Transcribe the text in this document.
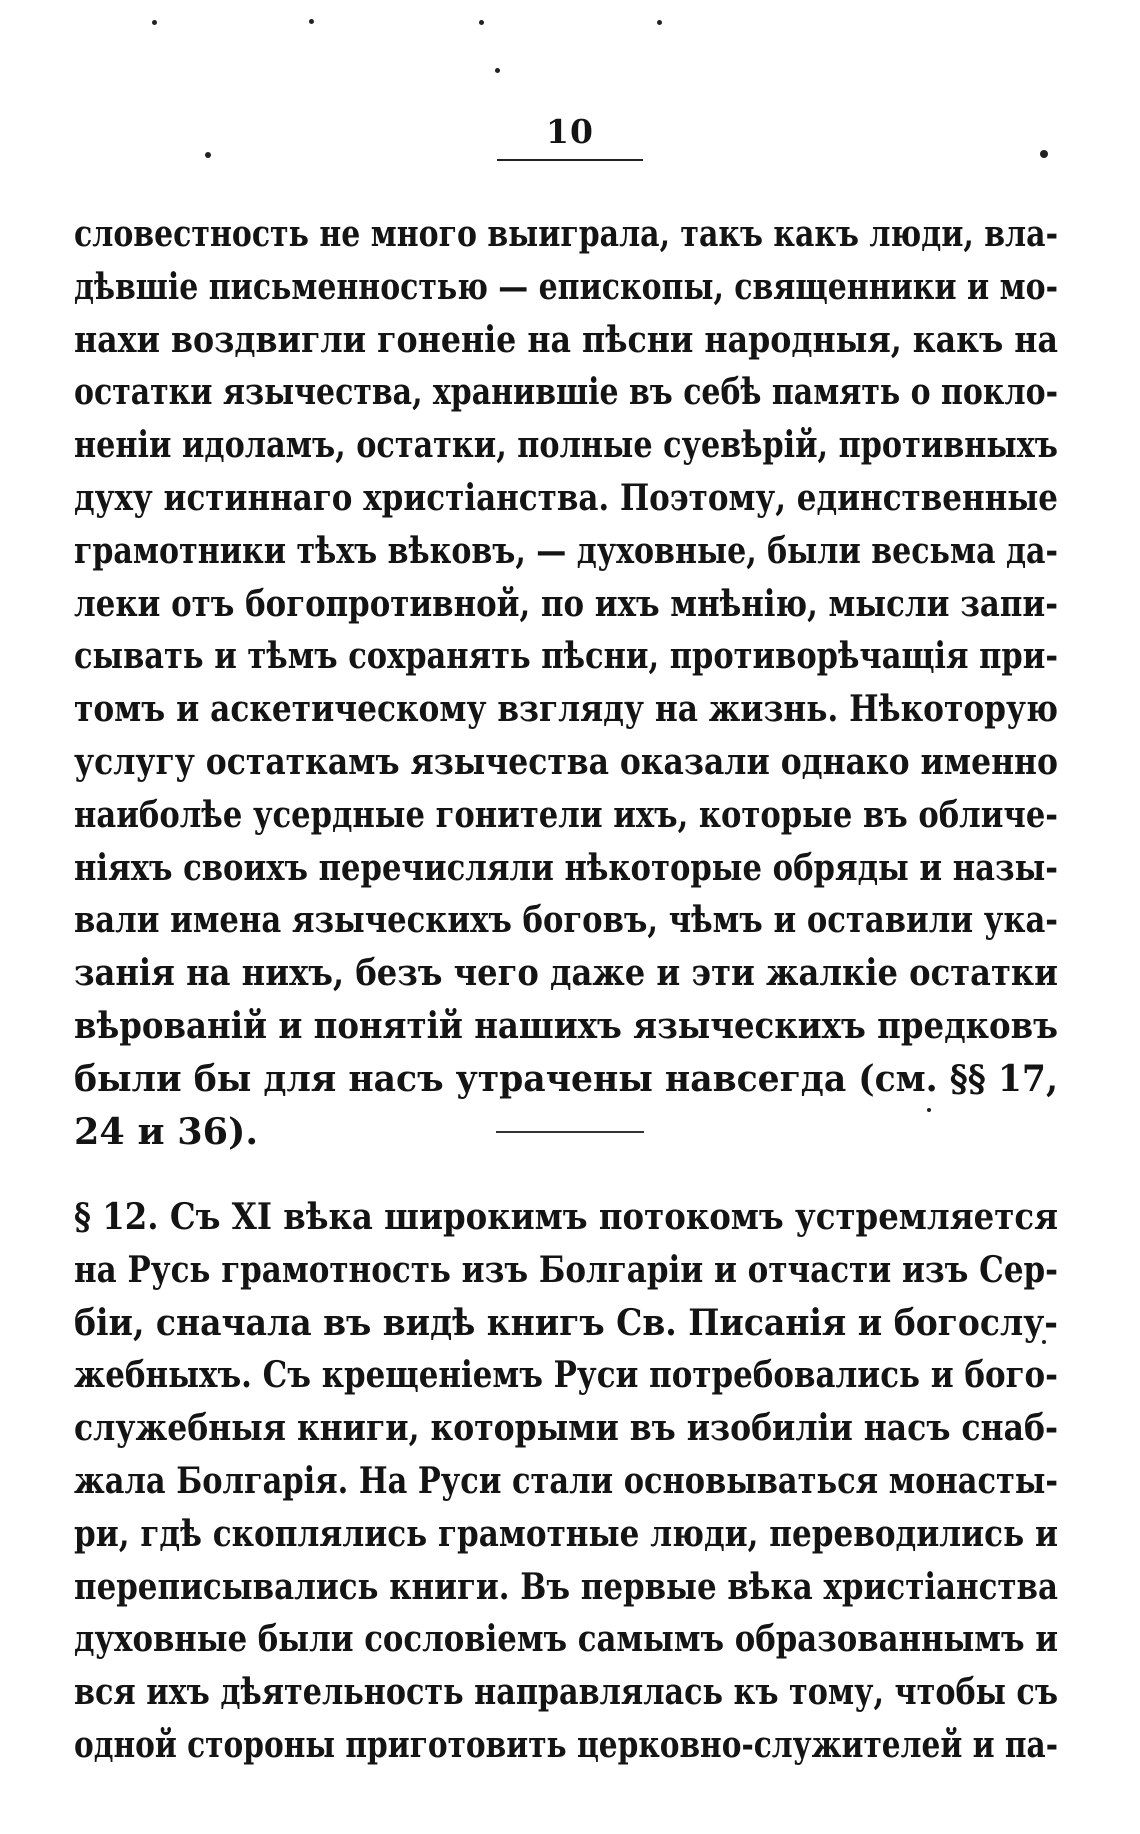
10
словестность не много выиграла, такъ какъ люди, вла-
дѣвшіе письменностью — епископы, священники и мо-
нахи воздвигли гоненіе на пѣсни народныя, какъ на
остатки язычества, хранившіе въ себѣ память о покло-
неніи идоламъ, остатки, полные суевѣрій, противныхъ
духу истиннаго христіанства. Поэтому, единственные
грамотники тѣхъ вѣковъ, — духовные, были весьма да-
леки отъ богопротивной, по ихъ мнѣнію, мысли запи-
сывать и тѣмъ сохранять пѣсни, противорѣчащія при-
томъ и аскетическому взгляду на жизнь. Нѣкоторую
услугу остаткамъ язычества оказали однако именно
наиболѣе усердные гонители ихъ, которые въ обличе-
ніяхъ своихъ перечисляли нѣкоторые обряды и назы-
вали имена языческихъ боговъ, чѣмъ и оставили ука-
занія на нихъ, безъ чего даже и эти жалкіе остатки
вѣрованій и понятій нашихъ языческихъ предковъ
были бы для насъ утрачены навсегда (см. §§ 17,
24 и 36).
§ 12. Съ XI вѣка широкимъ потокомъ устремляется
на Русь грамотность изъ Болгаріи и отчасти изъ Сер-
біи, сначала въ видѣ книгъ Св. Писанія и богослу-
жебныхъ. Съ крещеніемъ Руси потребовались и бого-
служебныя книги, которыми въ изобиліи насъ снаб-
жала Болгарія. На Руси стали основываться монасты-
ри, гдѣ скоплялись грамотные люди, переводились и
переписывались книги. Въ первые вѣка христіанства
духовные были сословіемъ самымъ образованнымъ и
вся ихъ дѣятельность направлялась къ тому, чтобы съ
одной стороны приготовить церковно-служителей и па-
